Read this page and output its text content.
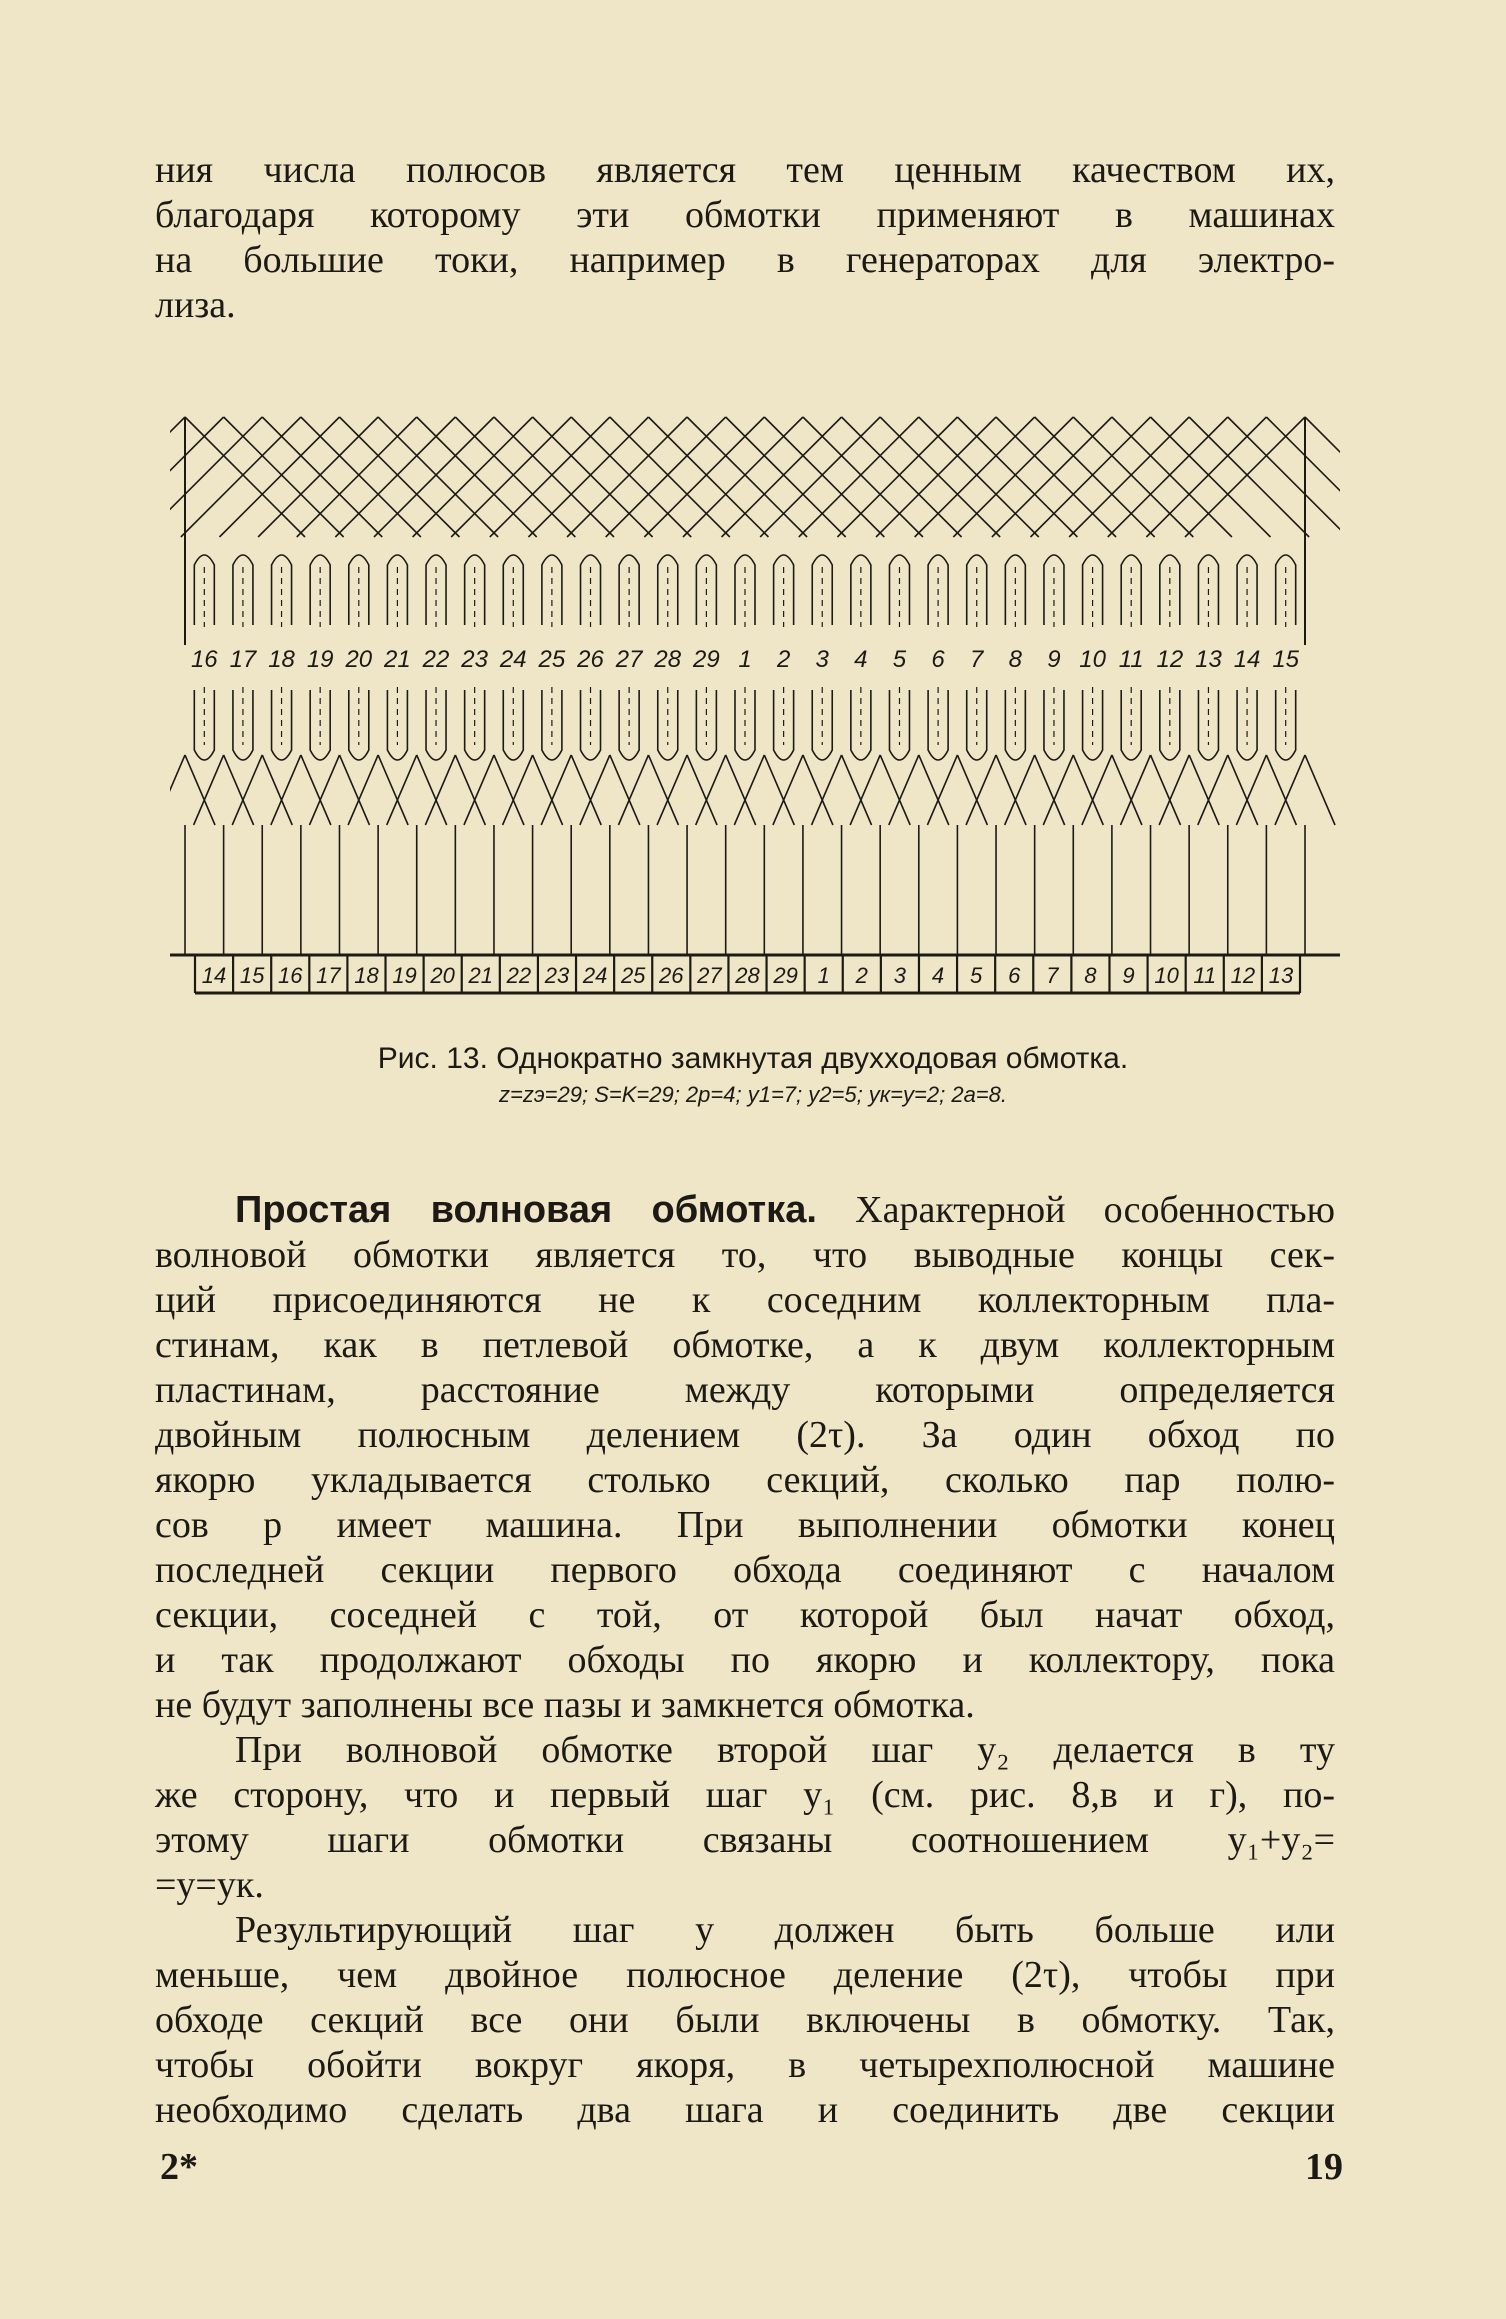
ния числа полюсов является тем ценным качеством их,
благодаря которому эти обмотки применяют в машинах
на большие токи, например в генераторах для электро-
лиза.
16 17 18 19 20 21 22 23 24 25 26 27 28 29 1 2 3 4 5 6 7 8 9 10 11 12 13 14 15
14 15 16 17 18 19 20 21 22 23 24 25 26 27 28 29 1 2 3 4 5 6 7 8 9 10 11 12 13
Рис. 13. Однократно замкнутая двухходовая обмотка.
z=zэ=29; S=K=29; 2p=4; y1=7; y2=5; yк=y=2; 2a=8.
Простая волновая обмотка. Характерной особенностью
волновой обмотки является то, что выводные концы сек-
ций присоединяются не к соседним коллекторным пла-
стинам, как в петлевой обмотке, а к двум коллекторным
пластинам, расстояние между которыми определяется
двойным полюсным делением (2τ). За один обход по
якорю укладывается столько секций, сколько пар полю-
сов p имеет машина. При выполнении обмотки конец
последней секции первого обхода соединяют с началом
секции, соседней с той, от которой был начат обход,
и так продолжают обходы по якорю и коллектору, пока
не будут заполнены все пазы и замкнется обмотка.
При волновой обмотке второй шаг y₂ делается в ту
же сторону, что и первый шаг y₁ (см. рис. 8,в и г), по-
этому шаги обмотки связаны соотношением y₁+y₂=
=y=yк.
Результирующий шаг y должен быть больше или
меньше, чем двойное полюсное деление (2τ), чтобы при
обходе секций все они были включены в обмотку. Так,
чтобы обойти вокруг якоря, в четырехполюсной машине
необходимо сделать два шага и соединить две секции
2*	19
